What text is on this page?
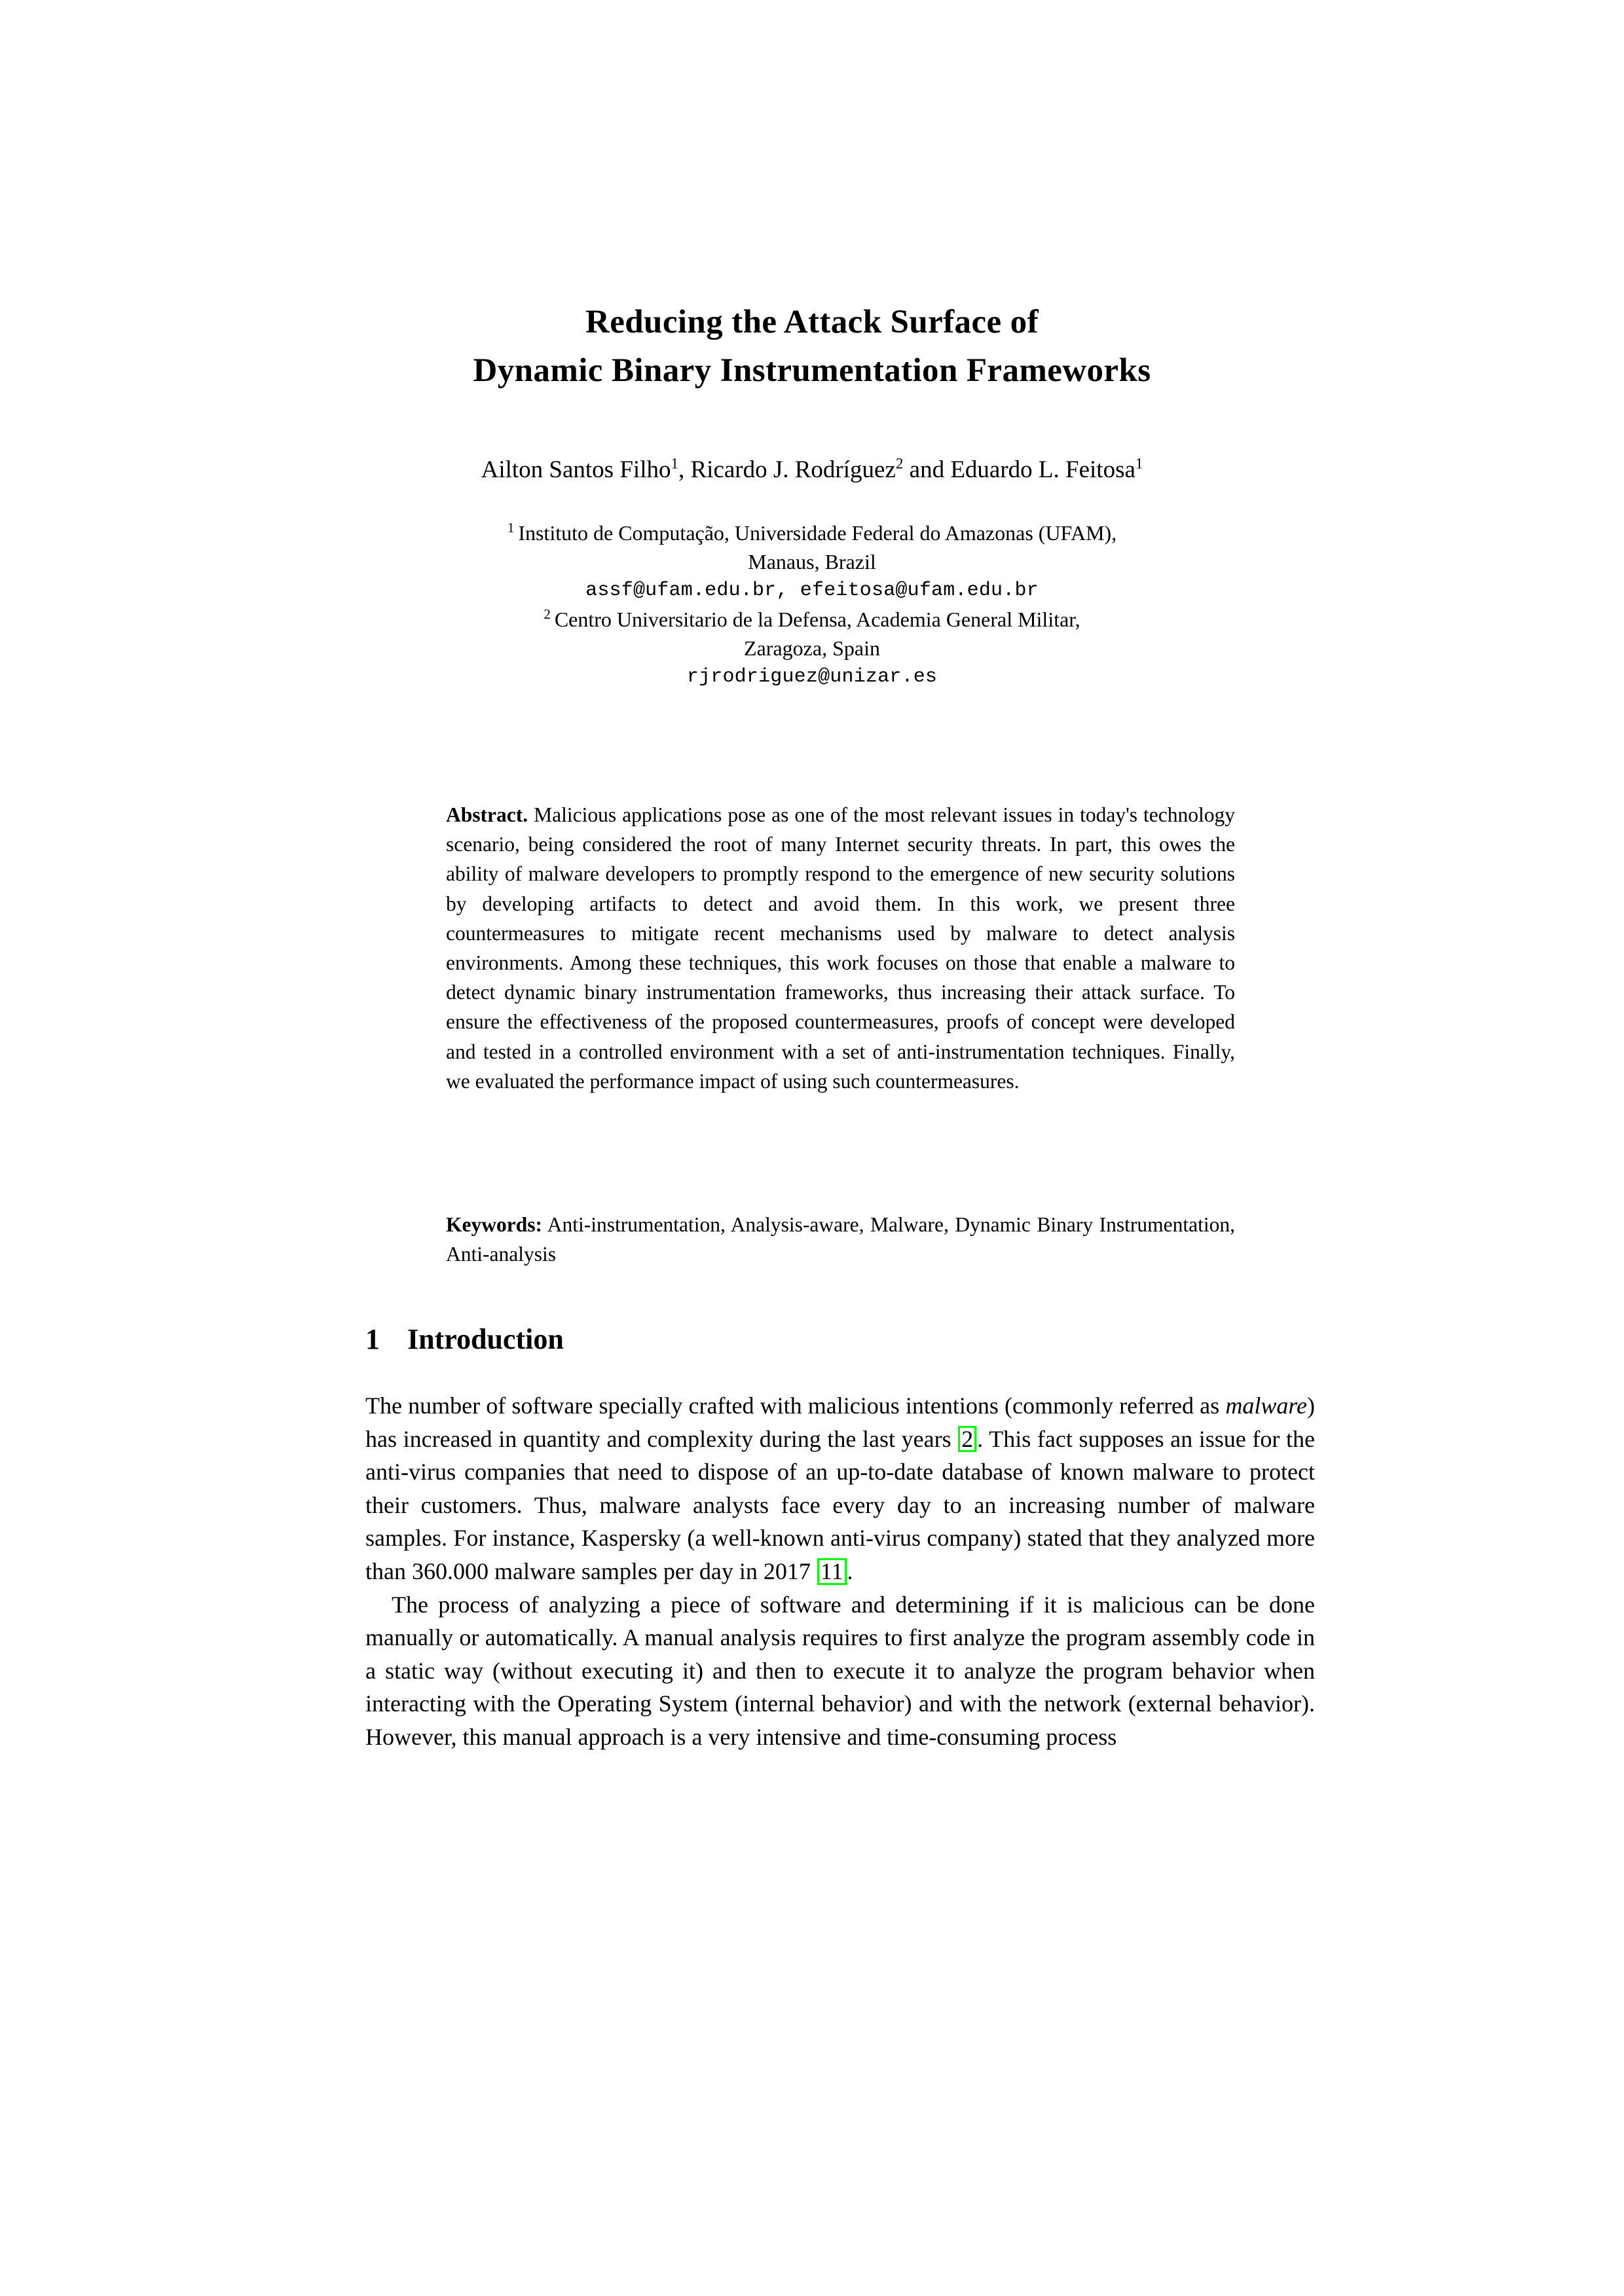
Reducing the Attack Surface of
Dynamic Binary Instrumentation Frameworks
Ailton Santos Filho$^1$, Ricardo J. Rodríguez$^2$ and Eduardo L. Feitosa$^1$
$^1$ Instituto de Computação, Universidade Federal do Amazonas (UFAM),
Manaus, Brazil
assf@ufam.edu.br, efeitosa@ufam.edu.br
$^2$ Centro Universitario de la Defensa, Academia General Militar,
Zaragoza, Spain
rjrodriguez@unizar.es
Abstract. Malicious applications pose as one of the most relevant issues in today's technology scenario, being considered the root of many Internet security threats. In part, this owes the ability of malware developers to promptly respond to the emergence of new security solutions by developing artifacts to detect and avoid them. In this work, we present three countermeasures to mitigate recent mechanisms used by malware to detect analysis environments. Among these techniques, this work focuses on those that enable a malware to detect dynamic binary instrumentation frameworks, thus increasing their attack surface. To ensure the effectiveness of the proposed countermeasures, proofs of concept were developed and tested in a controlled environment with a set of anti-instrumentation techniques. Finally, we evaluated the performance impact of using such countermeasures.
Keywords: Anti-instrumentation, Analysis-aware, Malware, Dynamic Binary Instrumentation, Anti-analysis
1 Introduction

The number of software specially crafted with malicious intentions (commonly referred as malware) has increased in quantity and complexity during the last years 2 . This fact supposes an issue for the anti-virus companies that need to dispose of an up-to-date database of known malware to protect their customers. Thus, malware analysts face every day to an increasing number of malware samples. For instance, Kaspersky (a well-known anti-virus company) stated that they analyzed more than 360.000 malware samples per day in 2017 11 .

The process of analyzing a piece of software and determining if it is malicious can be done manually or automatically. A manual analysis requires to first analyze the program assembly code in a static way (without executing it) and then to execute it to analyze the program behavior when interacting with the Operating System (internal behavior) and with the network (external behavior). However, this manual approach is a very intensive and time-consuming process
